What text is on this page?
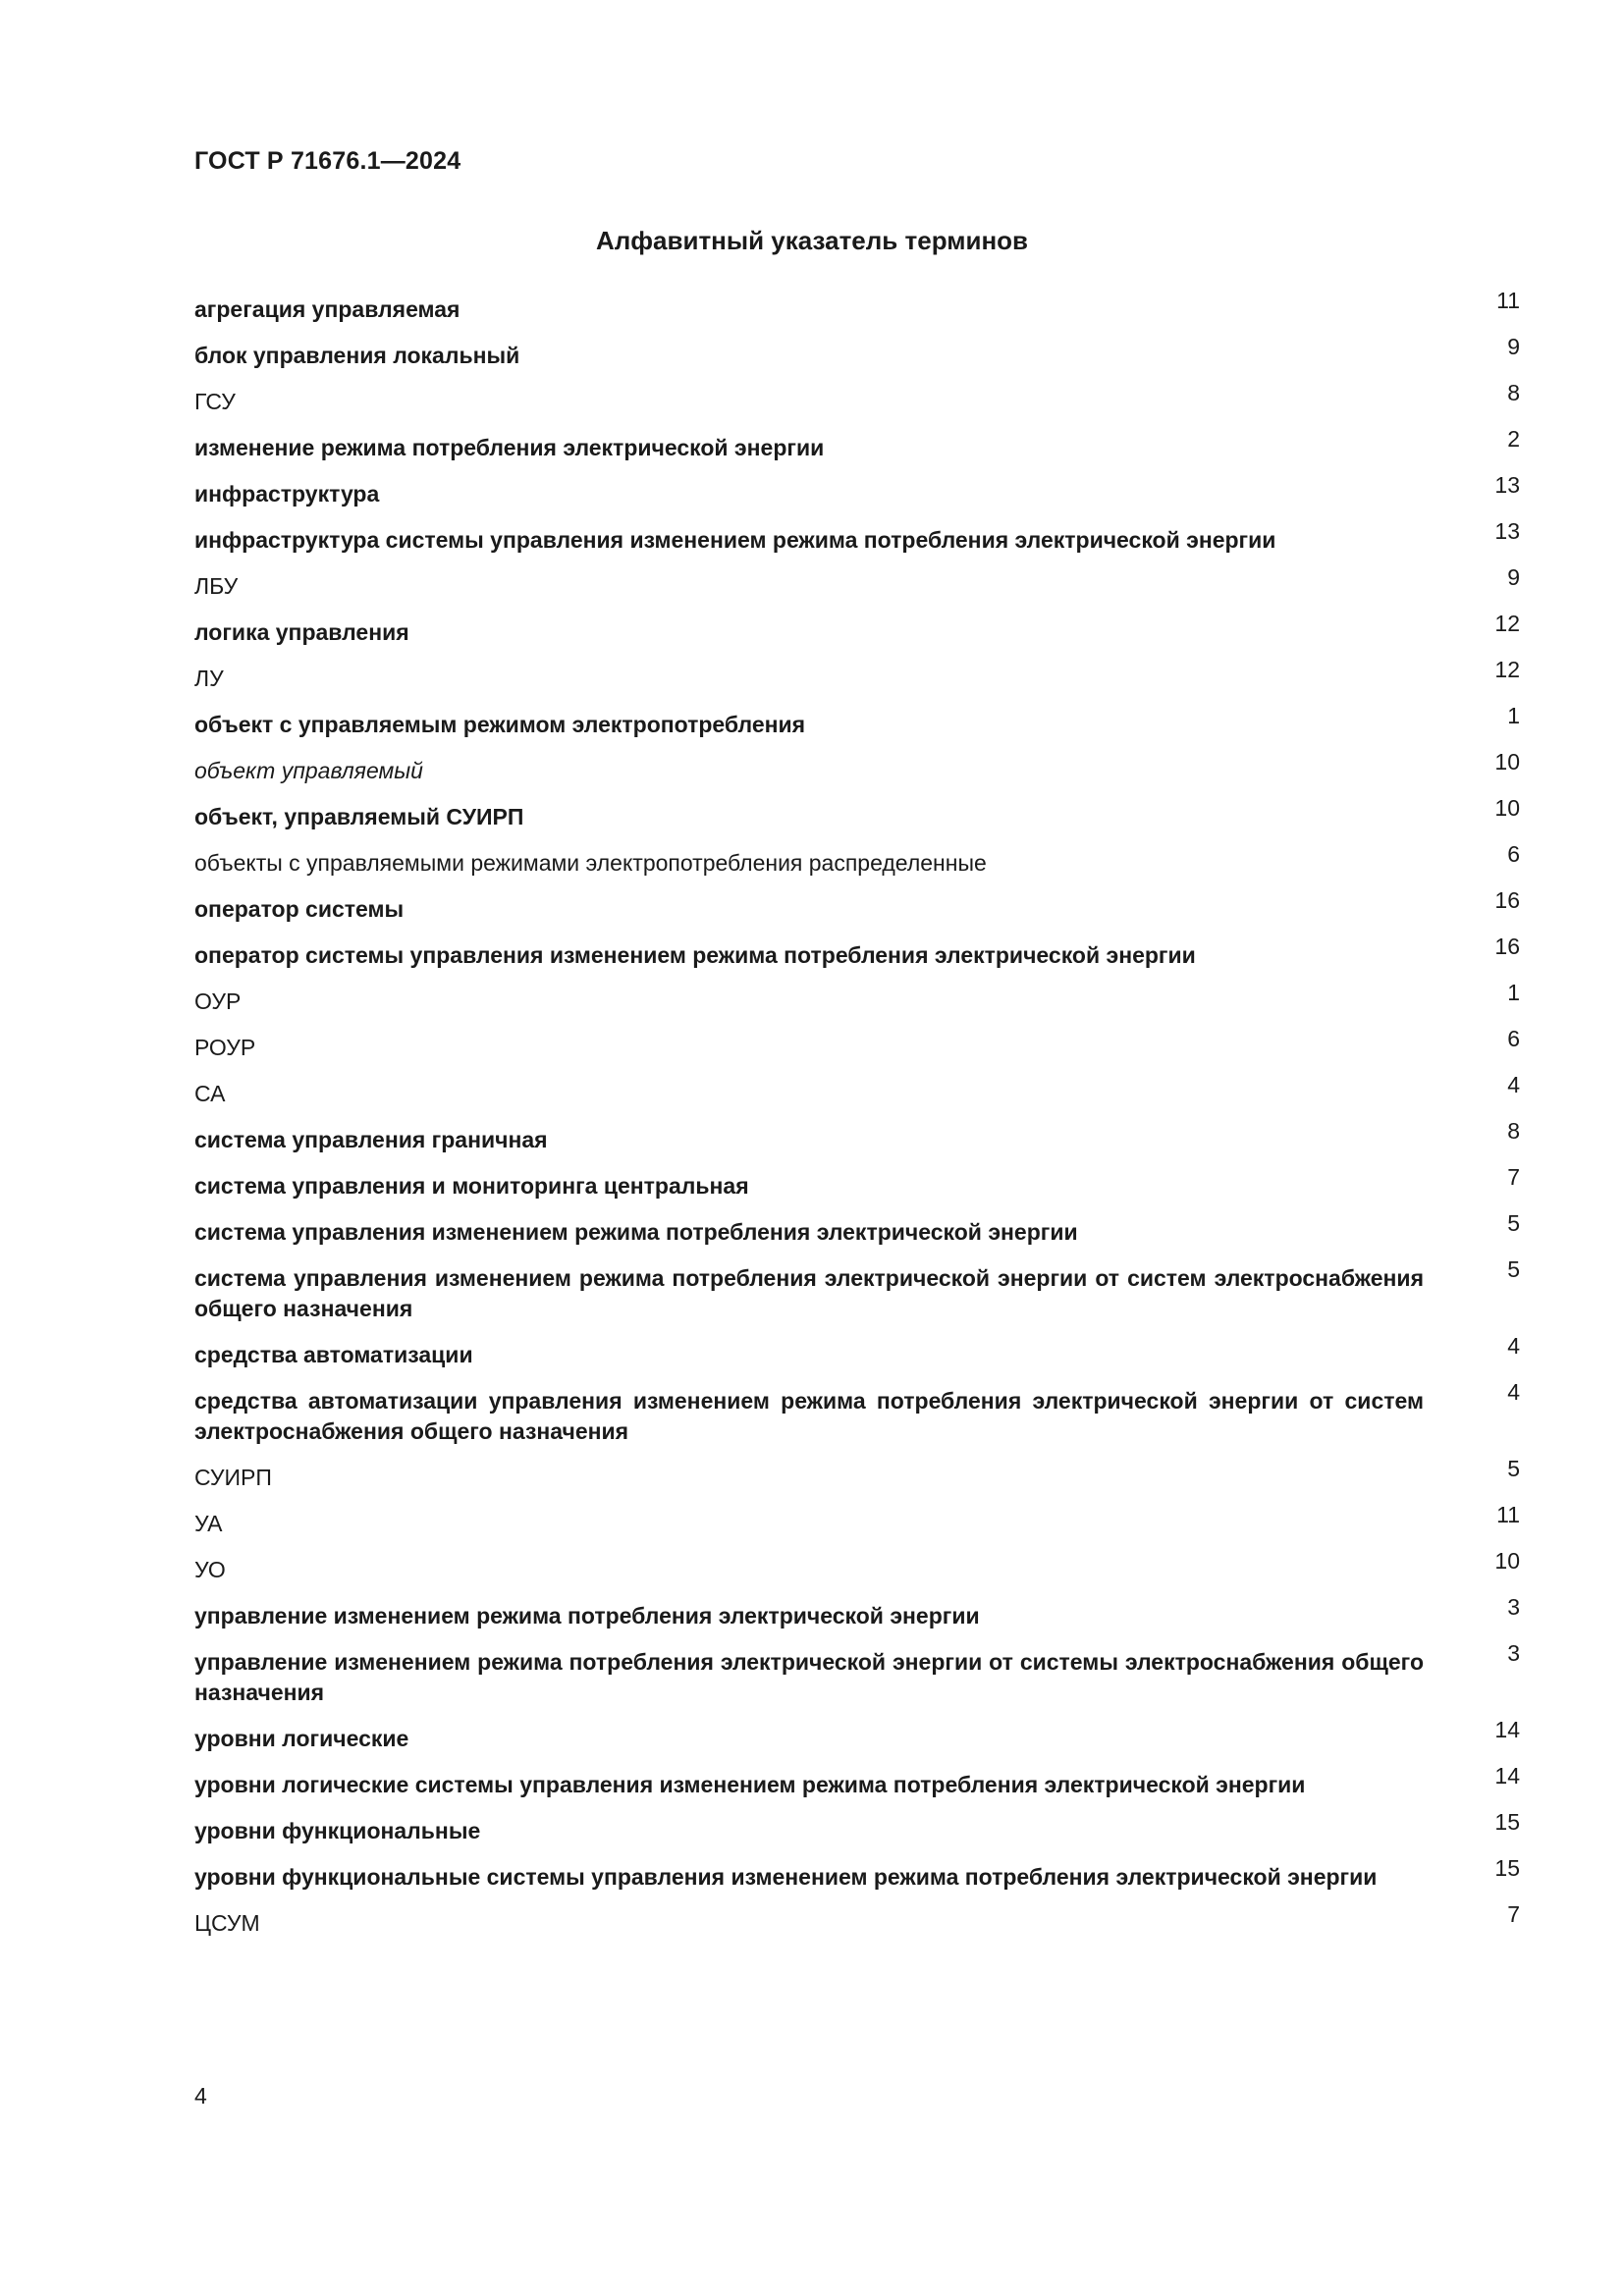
ГОСТ Р 71676.1—2024
Алфавитный указатель терминов
агрегация управляемая	11
блок управления локальный	9
ГСУ	8
изменение режима потребления электрической энергии	2
инфраструктура	13
инфраструктура системы управления изменением режима потребления электрической энергии	13
ЛБУ	9
логика управления	12
ЛУ	12
объект с управляемым режимом электропотребления	1
объект управляемый	10
объект, управляемый СУИРП	10
объекты с управляемыми режимами электропотребления распределенные	6
оператор системы	16
оператор системы управления изменением режима потребления электрической энергии	16
ОУР	1
РОУР	6
СА	4
система управления граничная	8
система управления и мониторинга центральная	7
система управления изменением режима потребления электрической энергии	5
система управления изменением режима потребления электрической энергии от систем электроснабжения общего назначения
5
средства автоматизации	4
средства автоматизации управления изменением режима потребления электрической энергии от систем электроснабжения общего назначения
4
СУИРП	5
УА	11
УО	10
управление изменением режима потребления электрической энергии	3
управление изменением режима потребления электрической энергии от системы электроснабжения общего назначения
3
уровни логические	14
уровни логические системы управления изменением режима потребления электрической энергии	14
уровни функциональные	15
уровни функциональные системы управления изменением режима потребления электрической энергии	15
ЦСУМ	7
4
